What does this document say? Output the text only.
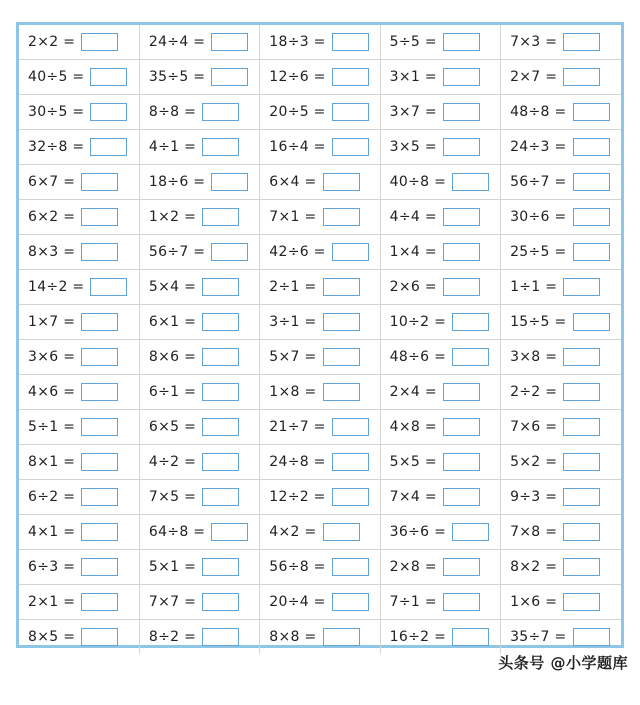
2×2 =	24÷4 =	18÷3 =	5÷5 =	7×3 =
40÷5 =	35÷5 =	12÷6 =	3×1 =	2×7 =
30÷5 =	8÷8 =	20÷5 =	3×7 =	48÷8 =
32÷8 =	4÷1 =	16÷4 =	3×5 =	24÷3 =
6×7 =	18÷6 =	6×4 =	40÷8 =	56÷7 =
6×2 =	1×2 =	7×1 =	4÷4 =	30÷6 =
8×3 =	56÷7 =	42÷6 =	1×4 =	25÷5 =
14÷2 =	5×4 =	2÷1 =	2×6 =	1÷1 =
1×7 =	6×1 =	3÷1 =	10÷2 =	15÷5 =
3×6 =	8×6 =	5×7 =	48÷6 =	3×8 =
4×6 =	6÷1 =	1×8 =	2×4 =	2÷2 =
5÷1 =	6×5 =	21÷7 =	4×8 =	7×6 =
8×1 =	4÷2 =	24÷8 =	5×5 =	5×2 =
6÷2 =	7×5 =	12÷2 =	7×4 =	9÷3 =
4×1 =	64÷8 =	4×2 =	36÷6 =	7×8 =
6÷3 =	5×1 =	56÷8 =	2×8 =	8×2 =
2×1 =	7×7 =	20÷4 =	7÷1 =	1×6 =
8×5 =	8÷2 =	8×8 =	16÷2 =	35÷7 =
头条号 @小学题库
